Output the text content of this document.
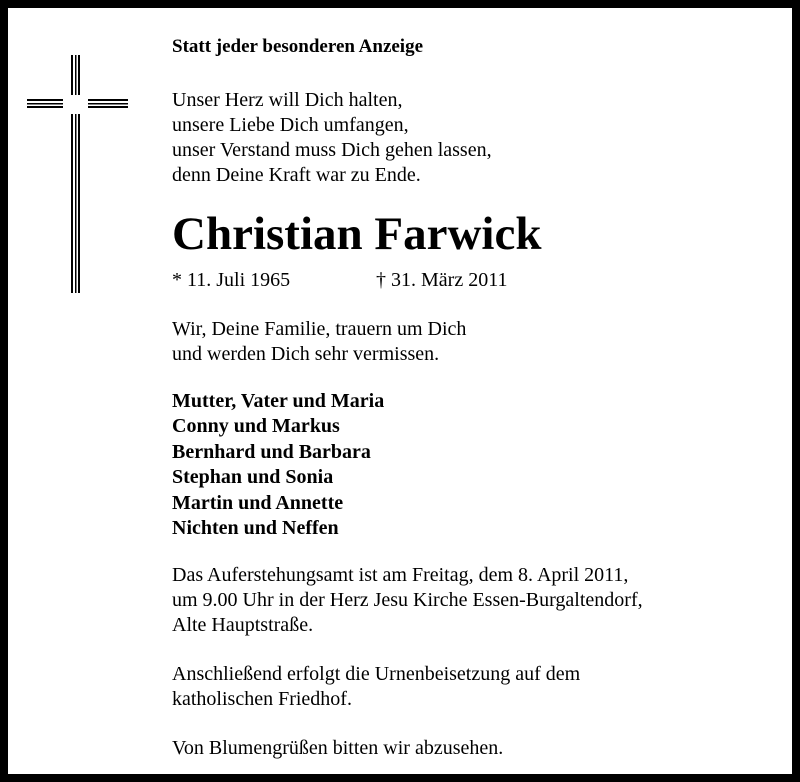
Statt jeder besonderen Anzeige
Unser Herz will Dich halten,
unsere Liebe Dich umfangen,
unser Verstand muss Dich gehen lassen,
denn Deine Kraft war zu Ende.
Christian Farwick
* 11. Juli 1965	† 31. März 2011
Wir, Deine Familie, trauern um Dich
und werden Dich sehr vermissen.
Mutter, Vater und Maria
Conny und Markus
Bernhard und Barbara
Stephan und Sonia
Martin und Annette
Nichten und Neffen
Das Auferstehungsamt ist am Freitag, dem 8. April 2011,
um 9.00 Uhr in der Herz Jesu Kirche Essen-Burgaltendorf,
Alte Hauptstraße.
Anschließend erfolgt die Urnenbeisetzung auf dem
katholischen Friedhof.
Von Blumengrüßen bitten wir abzusehen.
